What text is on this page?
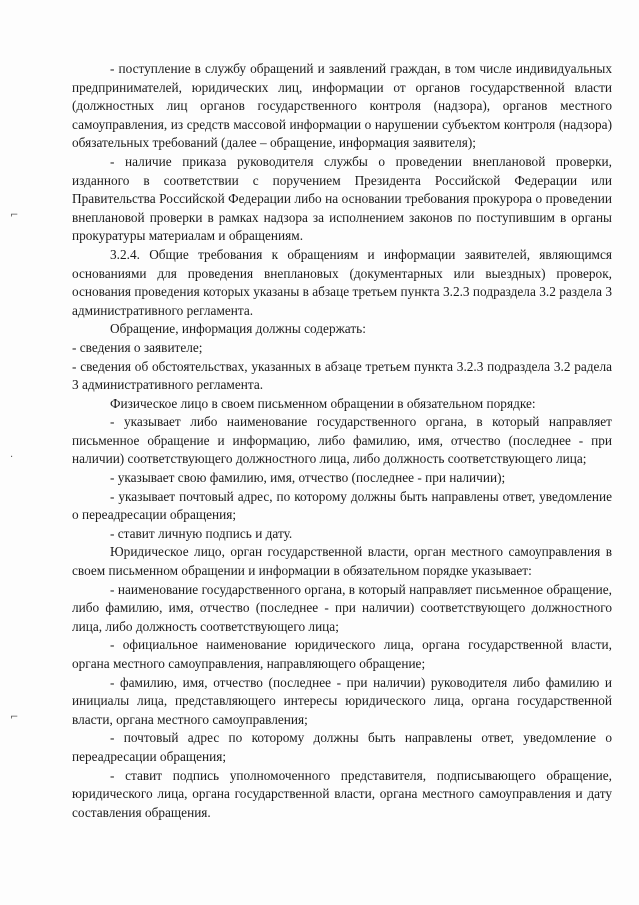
⌐
·
⌐

- поступление в службу обращений и заявлений граждан, в том числе индивидуальных предпринимателей, юридических лиц, информации от органов государственной власти (должностных лиц органов государственного контроля (надзора), органов местного самоуправления, из средств массовой информации о нарушении субъектом контроля (надзора) обязательных требований (далее – обращение, информация заявителя);

- наличие приказа руководителя службы о проведении внеплановой проверки, изданного в соответствии с поручением Президента Российской Федерации или Правительства Российской Федерации либо на основании требования прокурора о проведении внеплановой проверки в рамках надзора за исполнением законов по поступившим в органы прокуратуры материалам и обращениям.

3.2.4. Общие требования к обращениям и информации заявителей, являющимся основаниями для проведения внеплановых (документарных или выездных) проверок, основания проведения которых указаны в абзаце третьем пункта 3.2.3 подраздела 3.2 раздела 3 административного регламента.

Обращение, информация должны содержать:

- сведения о заявителе;

- сведения об обстоятельствах, указанных в абзаце третьем пункта 3.2.3 подраздела 3.2 радела 3 административного регламента.

Физическое лицо в своем письменном обращении в обязательном порядке:

- указывает либо наименование государственного органа, в который направляет письменное обращение и информацию, либо фамилию, имя, отчество (последнее - при наличии) соответствующего должностного лица, либо должность соответствующего лица;

- указывает свою фамилию, имя, отчество (последнее - при наличии);

- указывает почтовый адрес, по которому должны быть направлены ответ, уведомление о переадресации обращения;

- ставит личную подпись и дату.

Юридическое лицо, орган государственной власти, орган местного самоуправления в своем письменном обращении и информации в обязательном порядке указывает:

- наименование государственного органа, в который направляет письменное обращение, либо фамилию, имя, отчество (последнее - при наличии) соответствующего должностного лица, либо должность соответствующего лица;

- официальное наименование юридического лица, органа государственной власти, органа местного самоуправления, направляющего обращение;

- фамилию, имя, отчество (последнее - при наличии) руководителя либо фамилию и инициалы лица, представляющего интересы юридического лица, органа государственной власти, органа местного самоуправления;

- почтовый адрес по которому должны быть направлены ответ, уведомление о переадресации обращения;

- ставит подпись уполномоченного представителя, подписывающего обращение, юридического лица, органа государственной власти, органа местного самоуправления и дату составления обращения.
